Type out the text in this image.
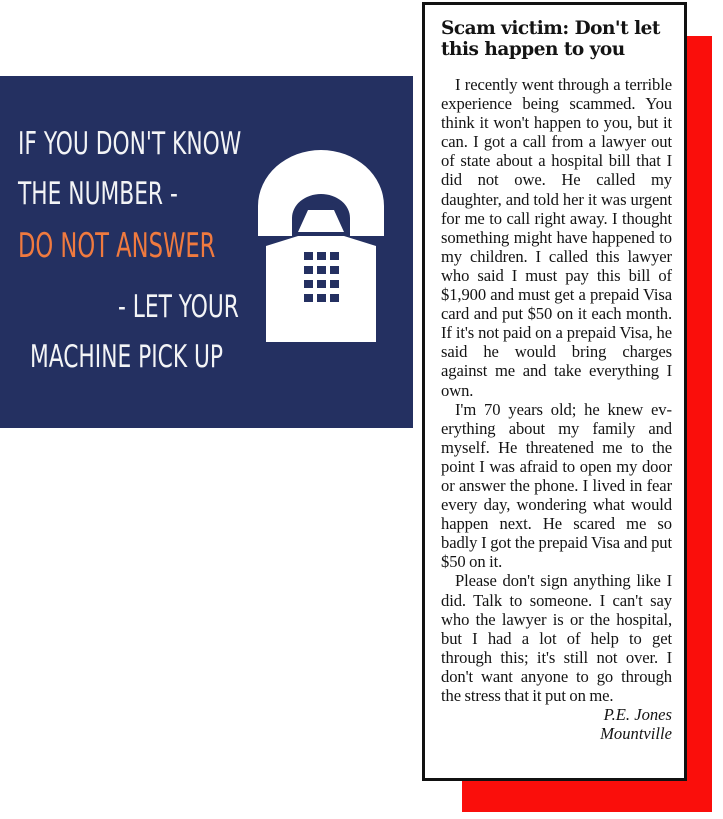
IF YOU DON'T KNOW
THE NUMBER -
DO NOT ANSWER
- LET YOUR
MACHINE PICK UP
Scam victim: Don't let this happen to you

I recently went through a terrible experience being scammed. You think it won't happen to you, but it can. I got a call from a lawyer out of state about a hospital bill that I did not owe. He called my daughter, and told her it was urgent for me to call right away. I thought something might have happened to my children. I called this lawyer who said I must pay this bill of $1,900 and must get a prepaid Visa card and put $50 on it each month. If it's not paid on a prepaid Visa, he said he would bring charges against me and take everything I own.

I'm 70 years old; he knew everything about my family and myself. He threatened me to the point I was afraid to open my door or answer the phone. I lived in fear every day, wondering what would happen next. He scared me so badly I got the prepaid Visa and put $50 on it.

Please don't sign anything like I did. Talk to someone. I can't say who the lawyer is or the hospital, but I had a lot of help to get through this; it's still not over. I don't want anyone to go through the stress that it put on me.

P.E. Jones
Mountville
